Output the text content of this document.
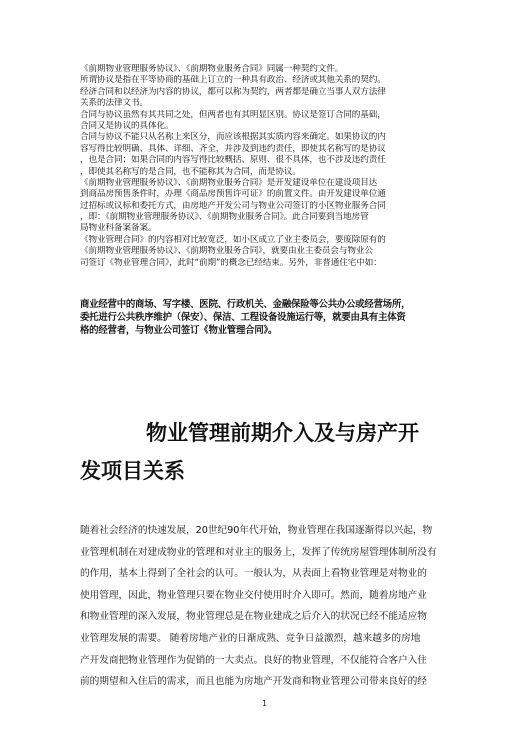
《前期物业管理服务协议》、《前期物业服务合同》同属一种契约文件。
所谓协议是指在平等协商的基础上订立的一种具有政治、经济或其他关系的契约。
经济合同和以经济为内容的协议，都可以称为契约，两者都是确立当事人双方法律
关系的法律文书。
合同与协议虽然有其共同之处，但两者也有其明显区别。协议是签订合同的基础，
合同又是协议的具体化。
合同与协议不能只从名称上来区分，而应该根据其实质内容来确定。如果协议的内
容写得比较明确、具体、详细、齐全，并涉及到违约责任，即使其名称写的是协议
，也是合同；如果合同的内容写得比较概括、原则、很不具体，也不涉及违约责任
，即使其名称写的是合同，也不能称其为合同，而是协议。
《前期物业管理服务协议》、《前期物业服务合同》是开发建设单位在建设项目达
到商品房预售条件时，办理《商品房预售许可证》的前置文件。由开发建设单位通
过招标或议标和委托方式，由房地产开发公司与物业公司签订的小区物业服务合同
，即：《前期物业管理服务协议》、《前期物业服务合同》。此合同要到当地房管
局物业科备案备案。
《物业管理合同》的内容相对比较宽泛，如小区成立了业主委员会，要废除原有的
《前期物业管理服务协议》、《前期物业服务合同》，就要由业主委员会与物业公
司签订《物业管理合同》，此时“前期”的概念已经结束。另外，非普通住宅中如：
商业经营中的商场、写字楼、医院、行政机关、金融保险等公共办公或经营场所，
委托进行公共秩序维护（保安）、保洁、工程设备设施运行等，就要由具有主体资
格的经营者，与物业公司签订《物业管理合同》。
物业管理前期介入及与房产开
发项目关系
随着社会经济的快速发展，20世纪90年代开始，物业管理在我国逐渐得以兴起，物
业管理机制在对建成物业的管理和对业主的服务上，发挥了传统房屋管理体制所没有
的作用，基本上得到了全社会的认可。一般认为，从表面上看物业管理是对物业的
使用管理，因此，物业管理只要在物业交付使用时介入即可。然而，随着房地产业
和物业管理的深入发展，物业管理总是在物业建成之后介入的状况已经不能适应物
业管理发展的需要。 随着房地产业的日渐成熟、竞争日益激烈，越来越多的房地
产开发商把物业管理作为促销的一大卖点。良好的物业管理，不仅能符合客户入住
前的期望和入住后的需求，而且也能为房地产开发商和物业管理公司带来良好的经
1
